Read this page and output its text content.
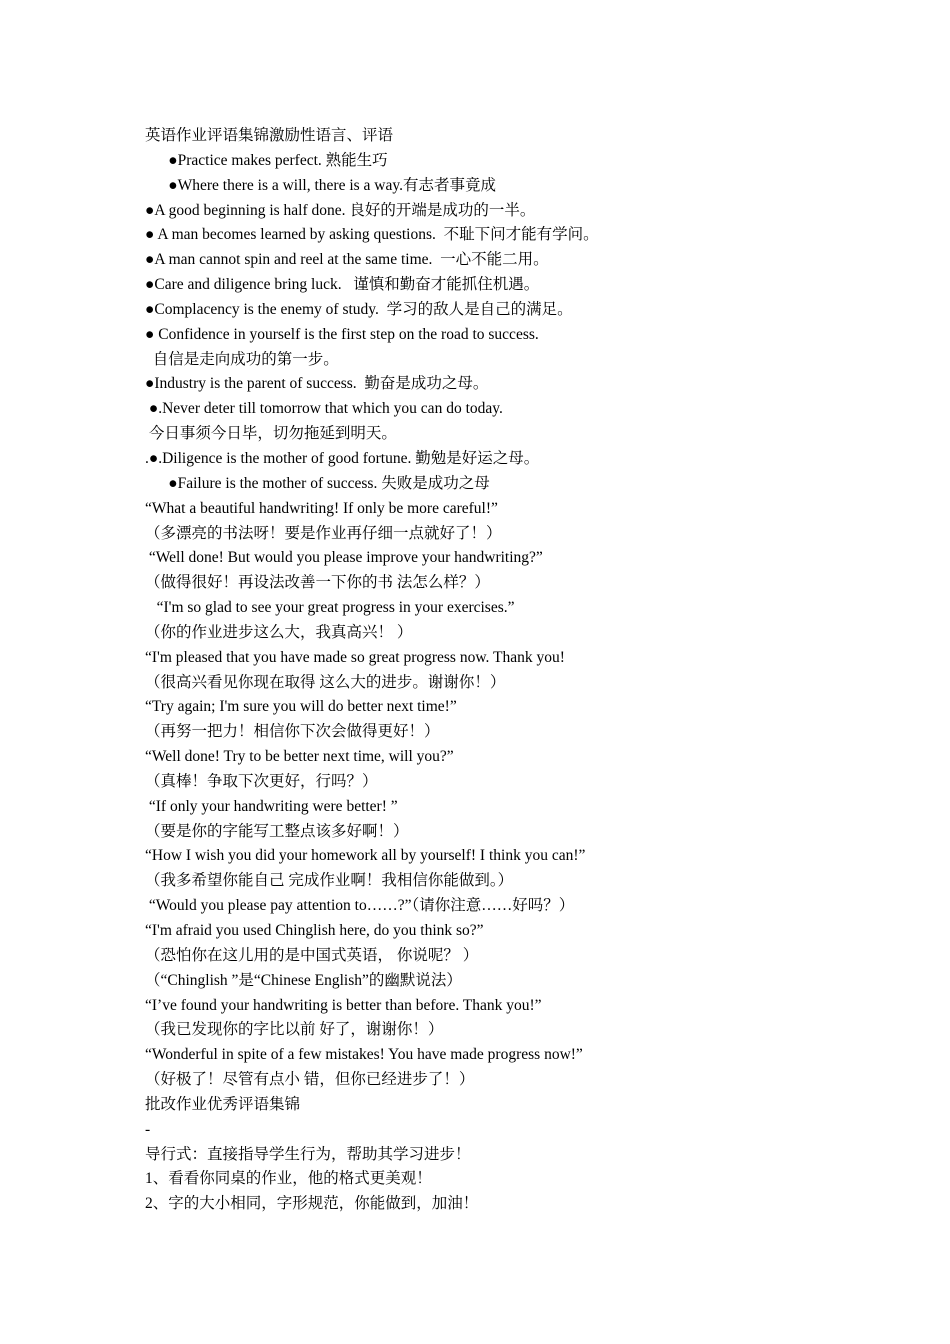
英语作业评语集锦激励性语言、评语
●Practice makes perfect. 熟能生巧
●Where there is a will, there is a way.有志者事竟成
●A good beginning is half done. 良好的开端是成功的一半。
● A man becomes learned by asking questions.  不耻下问才能有学问。
●A man cannot spin and reel at the same time.  一心不能二用。
●Care and diligence bring luck.   谨慎和勤奋才能抓住机遇。
●Complacency is the enemy of study.  学习的敌人是自己的满足。
● Confidence in yourself is the first step on the road to success.
自信是走向成功的第一步。
●Industry is the parent of success.  勤奋是成功之母。
●.Never deter till tomorrow that which you can do today.
今日事须今日毕，切勿拖延到明天。
.●.Diligence is the mother of good fortune. 勤勉是好运之母。
●Failure is the mother of success. 失败是成功之母
“What a beautiful handwriting! If only be more careful!”
（多漂亮的书法呀！要是作业再仔细一点就好了！）
“Well done! But would you please improve your handwriting?”
（做得很好！再设法改善一下你的书 法怎么样？）
“I'm so glad to see your great progress in your exercises.”
（你的作业进步这么大，我真高兴！ ）
“I'm pleased that you have made so great progress now. Thank you!
（很高兴看见你现在取得 这么大的进步。谢谢你！）
“Try again; I'm sure you will do better next time!”
（再努一把力！相信你下次会做得更好！）
“Well done! Try to be better next time, will you?”
（真棒！争取下次更好，行吗？）
“If only your handwriting were better! ”
（要是你的字能写工整点该多好啊！）
“How I wish you did your homework all by yourself! I think you can!”
（我多希望你能自己 完成作业啊！我相信你能做到。）
“Would you please pay attention to……?”（请你注意……好吗？）
“I'm afraid you used Chinglish here, do you think so?”
（恐怕你在这儿用的是中国式英语， 你说呢？ ）
（“Chinglish ”是“Chinese English”的幽默说法）
“I’ve found your handwriting is better than before. Thank you!”
（我已发现你的字比以前 好了，谢谢你！）
“Wonderful in spite of a few mistakes! You have made progress now!”
（好极了！尽管有点小 错，但你已经进步了！）
批改作业优秀评语集锦
-
导行式：直接指导学生行为，帮助其学习进步！
1、看看你同桌的作业，他的格式更美观！
2、字的大小相同，字形规范，你能做到，加油！
